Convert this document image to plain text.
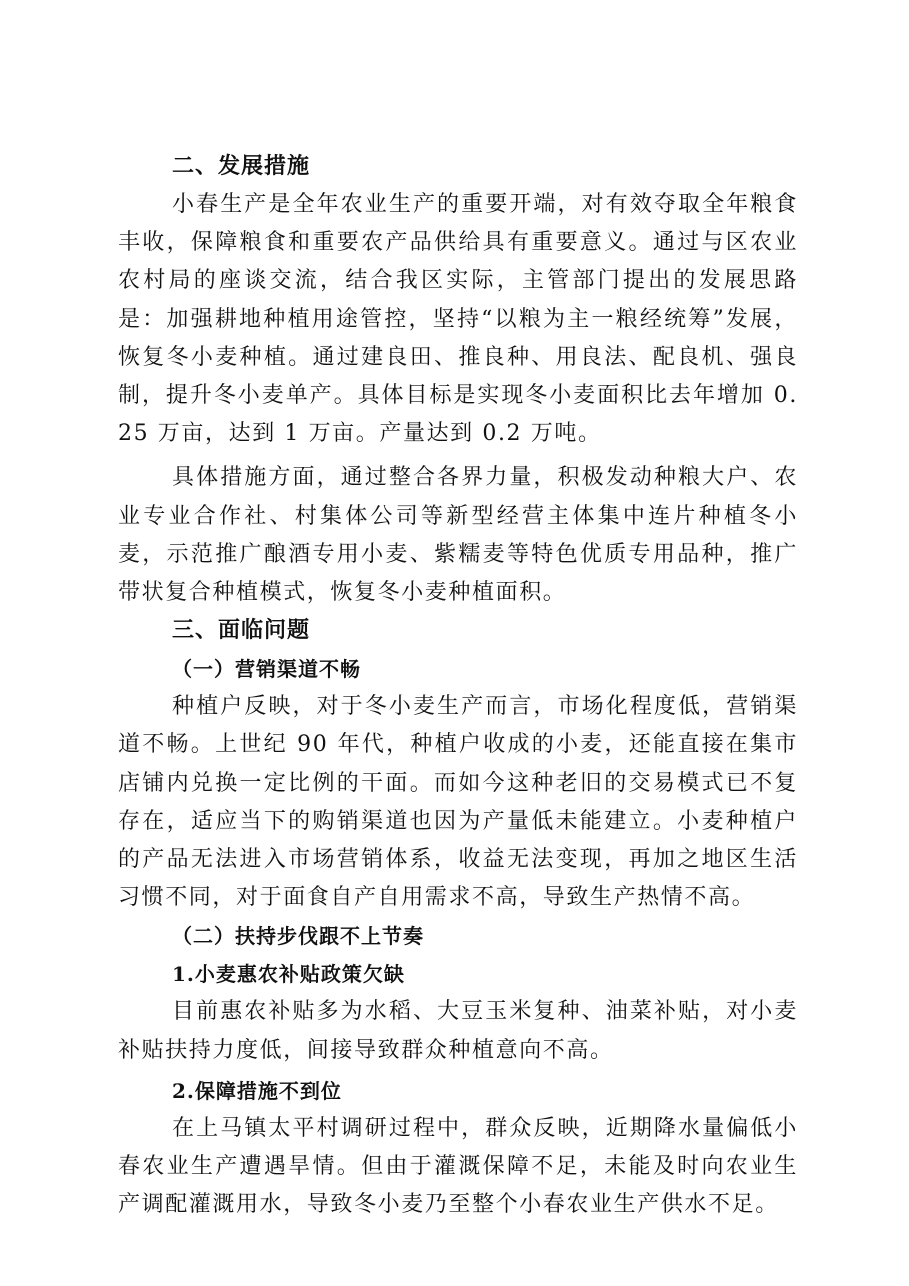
二、发展措施

小春生产是全年农业生产的重要开端，对有效夺取全年粮食丰收，保障粮食和重要农产品供给具有重要意义。通过与区农业农村局的座谈交流，结合我区实际，主管部门提出的发展思路是：加强耕地种植用途管控，坚持“以粮为主一粮经统筹”发展，恢复冬小麦种植。通过建良田、推良种、用良法、配良机、强良制，提升冬小麦单产。具体目标是实现冬小麦面积比去年增加 0.25 万亩，达到 1 万亩。产量达到 0.2 万吨。

具体措施方面，通过整合各界力量，积极发动种粮大户、农业专业合作社、村集体公司等新型经营主体集中连片种植冬小麦，示范推广酿酒专用小麦、紫糯麦等特色优质专用品种，推广带状复合种植模式，恢复冬小麦种植面积。

三、面临问题
（一）营销渠道不畅

种植户反映，对于冬小麦生产而言，市场化程度低，营销渠道不畅。上世纪 90 年代，种植户收成的小麦，还能直接在集市店铺内兑换一定比例的干面。而如今这种老旧的交易模式已不复存在，适应当下的购销渠道也因为产量低未能建立。小麦种植户的产品无法进入市场营销体系，收益无法变现，再加之地区生活习惯不同，对于面食自产自用需求不高，导致生产热情不高。

（二）扶持步伐跟不上节奏
1.小麦惠农补贴政策欠缺

目前惠农补贴多为水稻、大豆玉米复种、油菜补贴，对小麦补贴扶持力度低，间接导致群众种植意向不高。

2.保障措施不到位

在上马镇太平村调研过程中，群众反映，近期降水量偏低小春农业生产遭遇旱情。但由于灌溉保障不足，未能及时向农业生产调配灌溉用水，导致冬小麦乃至整个小春农业生产供水不足。
